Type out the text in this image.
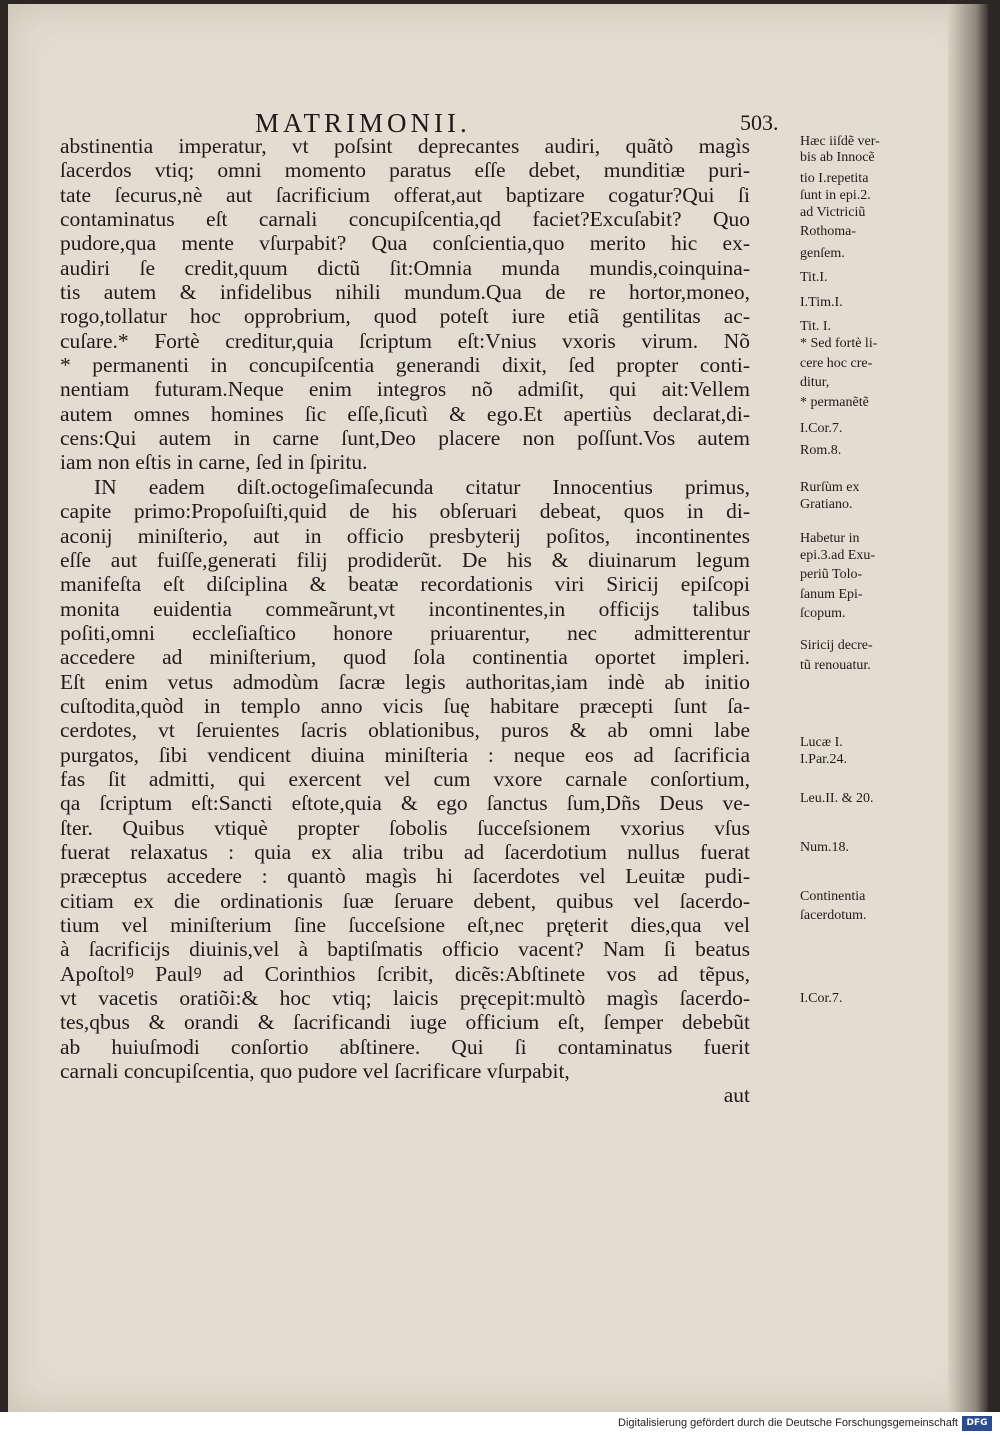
MATRIMONII.	503.
abstinentia imperatur, vt poſsint deprecantes audiri, quãtò magìs
ſacerdos vtiq; omni momento paratus eſſe debet, munditiæ puri-
tate ſecurus,nè aut ſacrificium offerat,aut baptizare cogatur?Qui ſi
contaminatus eſt carnali concupiſcentia,qd faciet?Excuſabit? Quo
pudore,qua mente vſurpabit? Qua conſcientia,quo merito hic ex-
audiri ſe credit,quum dictũ ſit:Omnia munda mundis,coinquina-
tis autem & infidelibus nihili mundum.Qua de re hortor,moneo,
rogo,tollatur hoc opprobrium, quod poteſt iure etiã gentilitas ac-
cuſare.* Fortè creditur,quia ſcriptum eſt:Vnius vxoris virum. Nõ
* permanenti in concupiſcentia generandi dixit, ſed propter conti-
nentiam futuram.Neque enim integros nõ admiſit, qui ait:Vellem
autem omnes homines ſic eſſe,ſicutì & ego.Et apertiùs declarat,di-
cens:Qui autem in carne ſunt,Deo placere non poſſunt.Vos autem
iam non eſtis in carne, ſed in ſpiritu.
IN eadem diſt.octogeſimaſecunda citatur Innocentius primus,
capite primo:Propoſuiſti,quid de his obſeruari debeat, quos in di-
aconij miniſterio, aut in officio presbyterij poſitos, incontinentes
eſſe aut fuiſſe,generati filij prodiderũt. De his & diuinarum legum
manifeſta eſt diſciplina & beatæ recordationis viri Siricij epiſcopi
monita euidentia commeãrunt,vt incontinentes,in officijs talibus
poſiti,omni eccleſiaſtico honore priuarentur, nec admitterentur
accedere ad miniſterium, quod ſola continentia oportet impleri.
Eſt enim vetus admodùm ſacræ legis authoritas,iam indè ab initio
cuſtodita,quòd in templo anno vicis ſuę habitare præcepti ſunt ſa-
cerdotes, vt ſeruientes ſacris oblationibus, puros & ab omni labe
purgatos, ſibi vendicent diuina miniſteria : neque eos ad ſacrificia
fas ſit admitti, qui exercent vel cum vxore carnale conſortium,
qa ſcriptum eſt:Sancti eſtote,quia & ego ſanctus ſum,Dñs Deus ve-
ſter. Quibus vtiquè propter ſobolis ſucceſsionem vxorius vſus
fuerat relaxatus : quia ex alia tribu ad ſacerdotium nullus fuerat
præceptus accedere : quantò magìs hi ſacerdotes vel Leuitæ pudi-
citiam ex die ordinationis ſuæ ſeruare debent, quibus vel ſacerdo-
tium vel miniſterium ſine ſucceſsione eſt,nec pręterit dies,qua vel
à ſacrificijs diuinis,vel à baptiſmatis officio vacent? Nam ſi beatus
Apoſtolꝰ Paulꝰ ad Corinthios ſcribit, dicẽs:Abſtinete vos ad tẽpus,
vt vacetis oratiõi:& hoc vtiq; laicis pręcepit:multò magìs ſacerdo-
tes,qbus & orandi & ſacrificandi iuge officium eſt, ſemper debebũt
ab huiuſmodi conſortio abſtinere. Qui ſi contaminatus fuerit
carnali concupiſcentia, quo pudore vel ſacrificare vſurpabit,
aut
Hæc iiſdẽ ver-
bis ab Innocẽ
tio I.repetita
ſunt in epi.2.
ad Victriciũ
Rothoma-
genſem.
Tit.I.
I.Tim.I.
Tit. I.
* Sed fortè li-
cere hoc cre-
ditur,
* permanẽtẽ
I.Cor.7.
Rom.8.
Rurſùm ex
Gratiano.
Habetur in
epi.3.ad Exu-
periũ Tolo-
ſanum Epi-
ſcopum.
Siricij decre-
tũ renouatur.
Lucæ I.
I.Par.24.
Leu.II. & 20.
Num.18.
Continentia
ſacerdotum.
I.Cor.7.
Digitalisierung gefördert durch die Deutsche Forschungsgemeinschaft DFG
